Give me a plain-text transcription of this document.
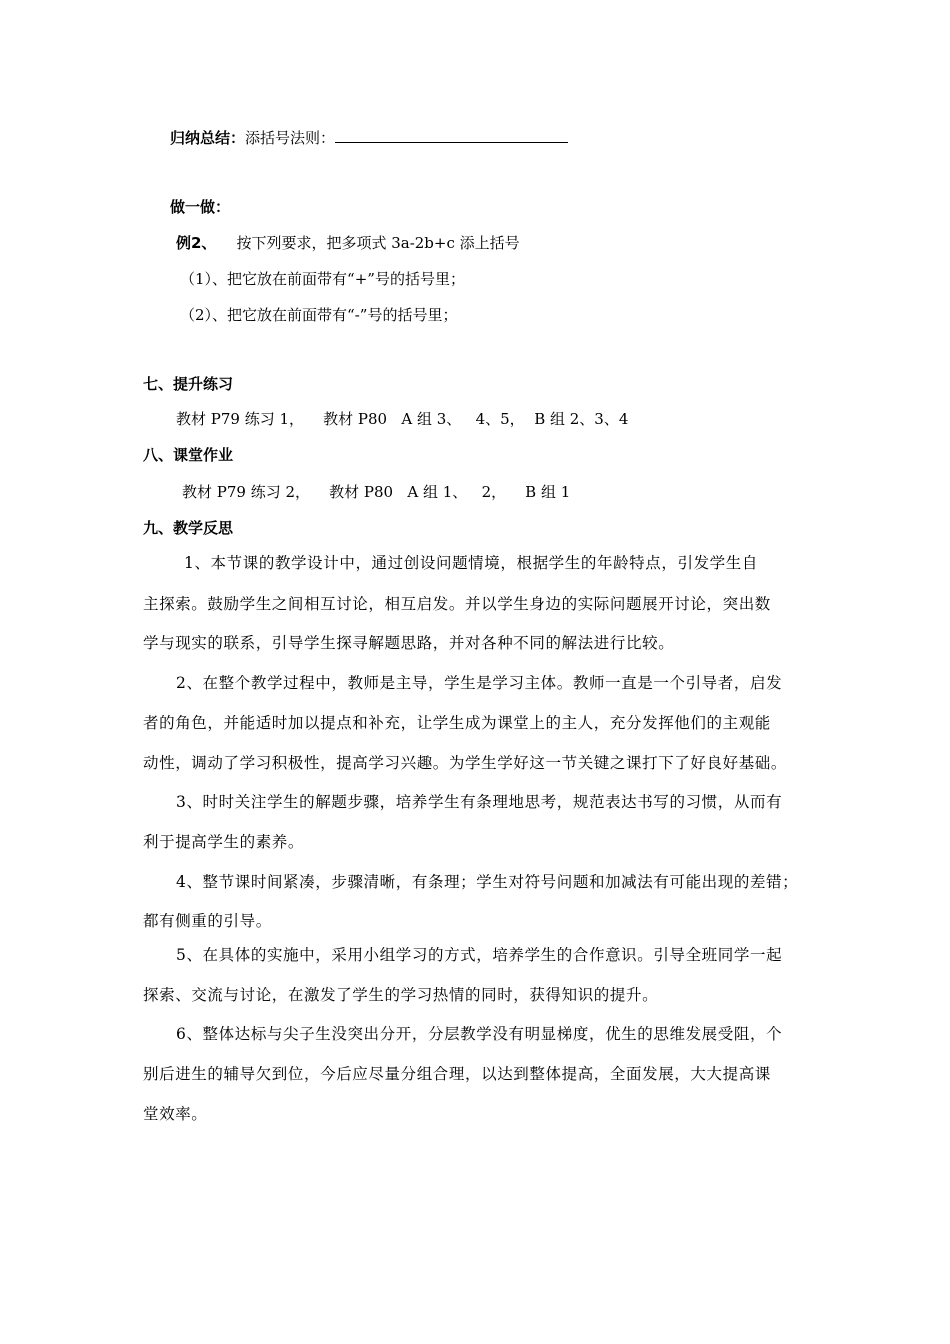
归纳总结：添括号法则：
做一做：
例2、 按下列要求，把多项式 3a-2b+c 添上括号
（1）、把它放在前面带有“+”号的括号里；
（2）、把它放在前面带有“-”号的括号里；
七、提升练习
教材 P79 练习 1，    教材 P80   A 组 3、   4、5，  B 组 2、3、4
八、课堂作业
教材 P79 练习 2，    教材 P80   A 组 1、   2，    B 组 1
九、教学反思
1、本节课的教学设计中，通过创设问题情境，根据学生的年龄特点，引发学生自
主探索。鼓励学生之间相互讨论，相互启发。并以学生身边的实际问题展开讨论，突出数
学与现实的联系，引导学生探寻解题思路，并对各种不同的解法进行比较。
2、在整个教学过程中，教师是主导，学生是学习主体。教师一直是一个引导者，启发
者的角色，并能适时加以提点和补充，让学生成为课堂上的主人，充分发挥他们的主观能
动性，调动了学习积极性，提高学习兴趣。为学生学好这一节关键之课打下了好良好基础。
3、时时关注学生的解题步骤，培养学生有条理地思考，规范表达书写的习惯，从而有
利于提高学生的素养。
4、整节课时间紧凑，步骤清晰，有条理；学生对符号问题和加减法有可能出现的差错；
都有侧重的引导。
5、在具体的实施中，采用小组学习的方式，培养学生的合作意识。引导全班同学一起
探索、交流与讨论，在激发了学生的学习热情的同时，获得知识的提升。
6、整体达标与尖子生没突出分开，分层教学没有明显梯度，优生的思维发展受阻，个
别后进生的辅导欠到位，今后应尽量分组合理，以达到整体提高，全面发展，大大提高课
堂效率。
